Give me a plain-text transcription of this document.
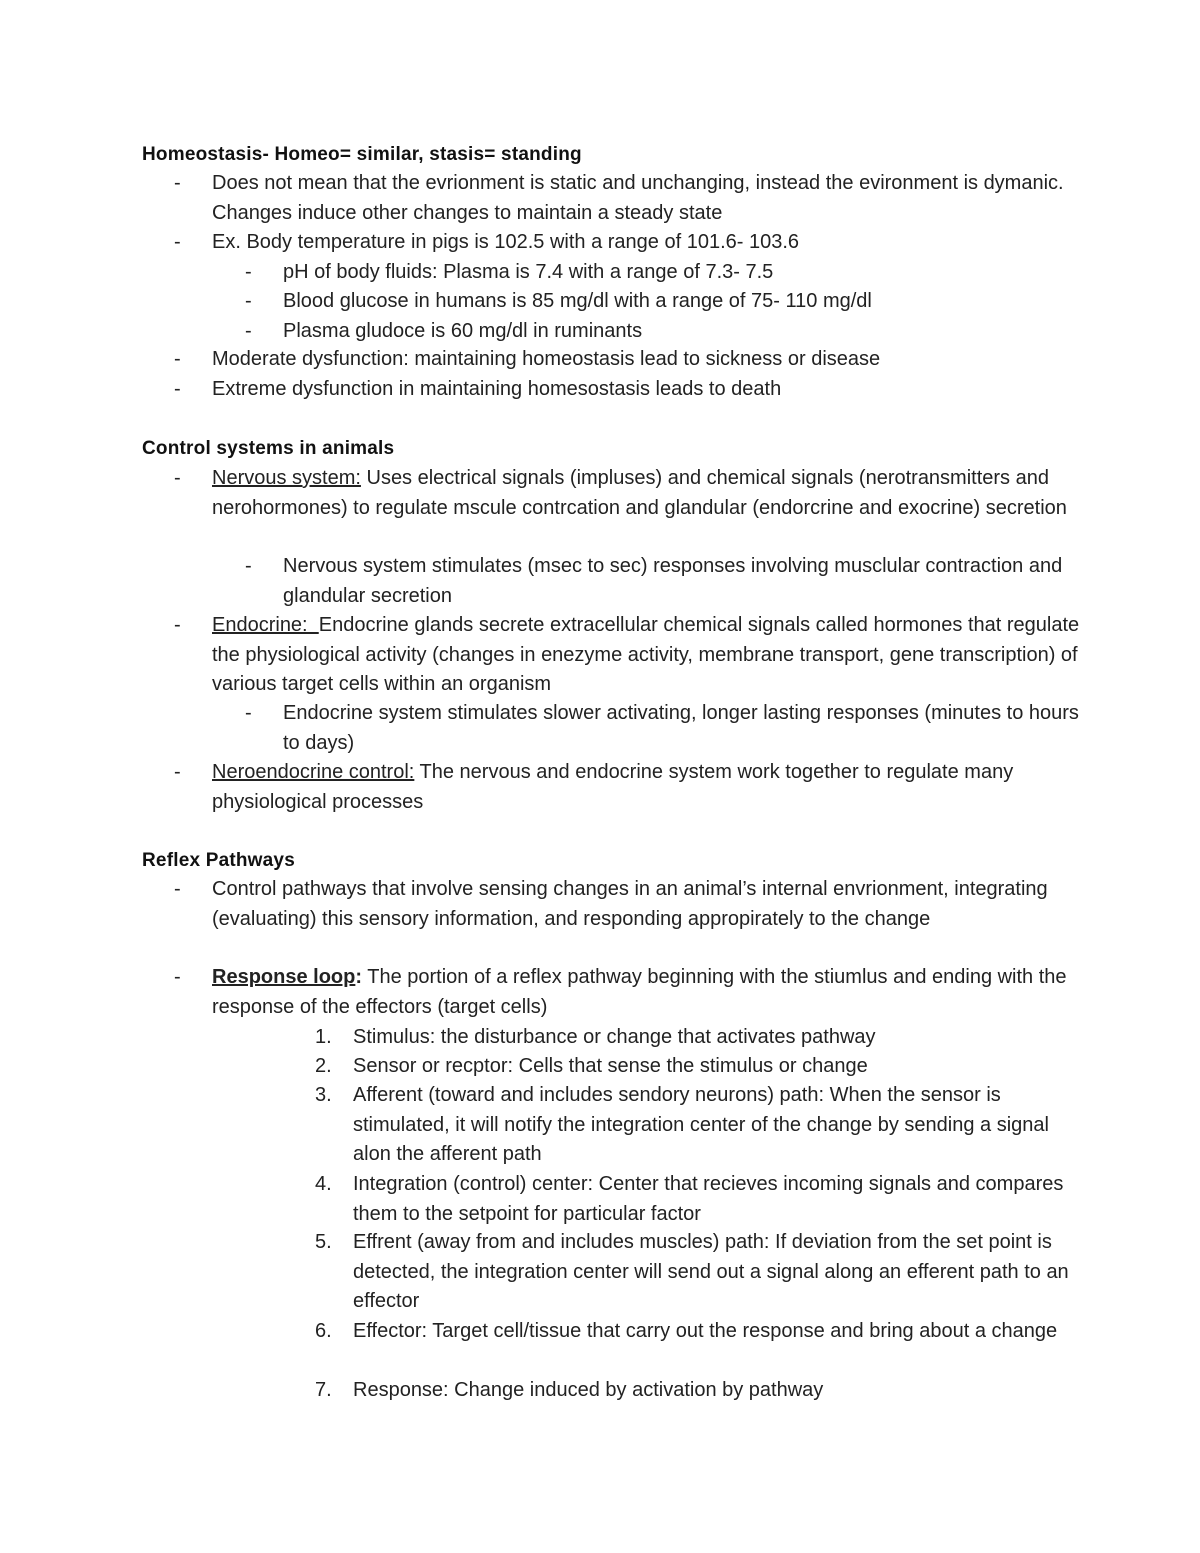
Homeostasis- Homeo= similar, stasis= standing
- Does not mean that the evrionment is static and unchanging, instead the evironment is dymanic. Changes induce other changes to maintain a steady state
- Ex. Body temperature in pigs is 102.5 with a range of 101.6- 103.6
- pH of body fluids: Plasma is 7.4 with a range of 7.3- 7.5
- Blood glucose in humans is 85 mg/dl with a range of 75- 110 mg/dl
- Plasma gludoce is 60 mg/dl in ruminants
- Moderate dysfunction: maintaining homeostasis lead to sickness or disease
- Extreme dysfunction in maintaining homesostasis leads to death
Control systems in animals
- Nervous system: Uses electrical signals (impluses) and chemical signals (nerotransmitters and nerohormones) to regulate mscule contrcation and glandular (endorcrine and exocrine) secretion
- Nervous system stimulates (msec to sec) responses involving musclular contraction and glandular secretion
- Endocrine:  Endocrine glands secrete extracellular chemical signals called hormones that regulate the physiological activity (changes in enezyme activity, membrane transport, gene transcription) of various target cells within an organism
- Endocrine system stimulates slower activating, longer lasting responses (minutes to hours to days)
- Neroendocrine control: The nervous and endocrine system work together to regulate many physiological processes
Reflex Pathways
- Control pathways that involve sensing changes in an animal’s internal envrionment, integrating (evaluating) this sensory information, and responding appropirately to the change
- Response loop: The portion of a reflex pathway beginning with the stiumlus and ending with the response of the effectors (target cells)
1. Stimulus: the disturbance or change that activates pathway
2. Sensor or recptor: Cells that sense the stimulus or change
3. Afferent (toward and includes sendory neurons) path: When the sensor is stimulated, it will notify the integration center of the change by sending a signal alon the afferent path
4. Integration (control) center: Center that recieves incoming signals and compares them to the setpoint for particular factor
5. Effrent (away from and includes muscles) path: If deviation from the set point is detected, the integration center will send out a signal along an efferent path to an effector
6. Effector: Target cell/tissue that carry out the response and bring about a change
7. Response: Change induced by activation by pathway
